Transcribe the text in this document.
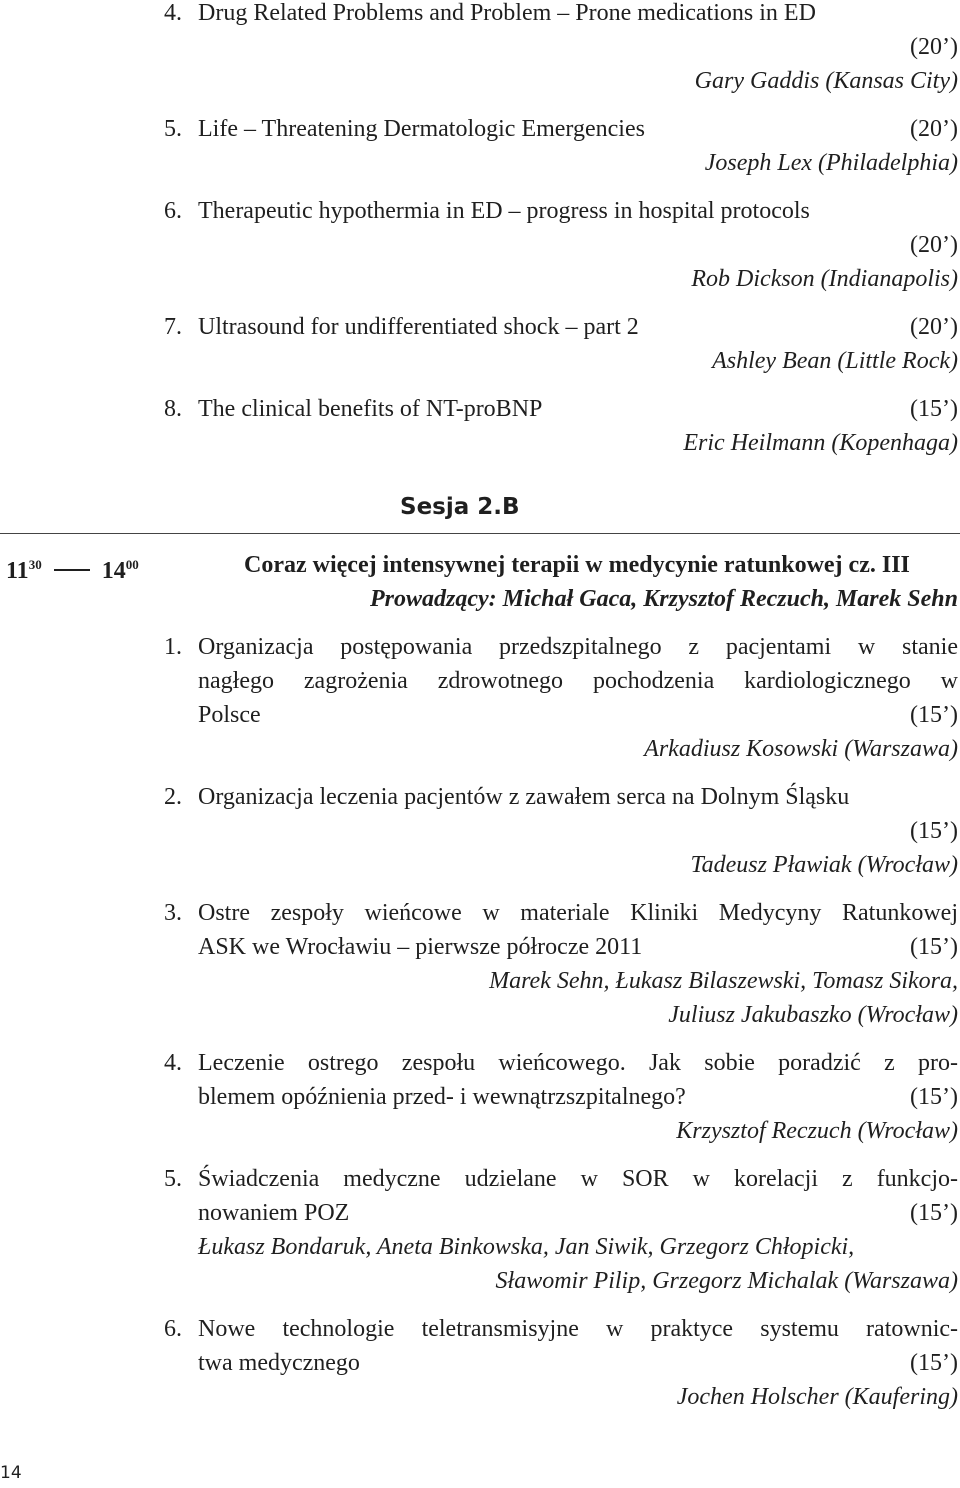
4. Drug Related Problems and Problem – Prone medications in ED
(20’)
Gary Gaddis (Kansas City)
5. Life – Threatening Dermatologic Emergencies	(20’)
Joseph Lex (Philadelphia)
6. Therapeutic hypothermia in ED – progress in hospital protocols
(20’)
Rob Dickson (Indianapolis)
7. Ultrasound for undifferentiated shock – part 2	(20’)
Ashley Bean (Little Rock)
8. The clinical benefits of NT-proBNP	(15’)
Eric Heilmann (Kopenhaga)
Sesja 2.B
$11^{30}$	$14^{00}$	Coraz więcej intensywnej terapii w medycynie ratunkowej cz. III
Prowadzący: Michał Gaca, Krzysztof Reczuch, Marek Sehn
1. Organizacja postępowania przedszpitalnego z pacjentami w stanie
nagłego zagrożenia zdrowotnego pochodzenia kardiologicznego w
Polsce	(15’)
Arkadiusz Kosowski (Warszawa)
2. Organizacja leczenia pacjentów z zawałem serca na Dolnym Śląsku
(15’)
Tadeusz Pławiak (Wrocław)
3. Ostre zespoły wieńcowe w materiale Kliniki Medycyny Ratunkowej
ASK we Wrocławiu – pierwsze półrocze 2011	(15’)
Marek Sehn, Łukasz Bilaszewski, Tomasz Sikora,
Juliusz Jakubaszko (Wrocław)
4. Leczenie ostrego zespołu wieńcowego. Jak sobie poradzić z pro-
blemem opóźnienia przed- i wewnątrzszpitalnego?	(15’)
Krzysztof Reczuch (Wrocław)
5. Świadczenia medyczne udzielane w SOR w korelacji z funkcjo-
nowaniem POZ	(15’)
Łukasz Bondaruk, Aneta Binkowska, Jan Siwik, Grzegorz Chłopicki,
Sławomir Pilip, Grzegorz Michalak (Warszawa)
6. Nowe technologie teletransmisyjne w praktyce systemu ratownic-
twa medycznego	(15’)
Jochen Holscher (Kaufering)
14
